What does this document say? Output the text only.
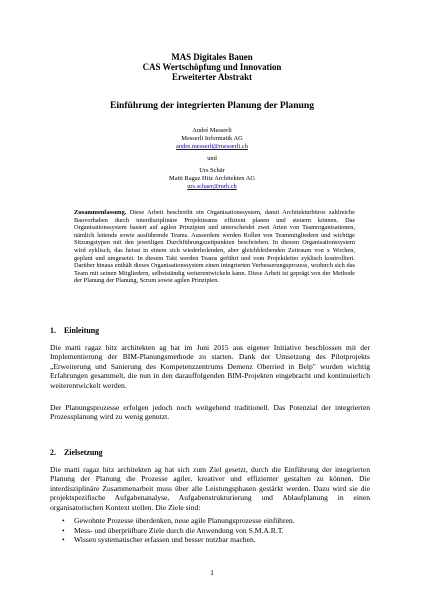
MAS Digitales Bauen
CAS Wertschöpfung und Innovation
Erweiterter Abstrakt
Einführung der integrierten Planung der Planung
André Messerli
Messerli Informatik AG
andre.messerli@messerli.ch
und
Urs Schär
Matti Ragaz Hitz Architekten AG
urs.schaer@mrh.ch
Zusammenfassung. Diese Arbeit beschreibt ein Organisationssystem, damit Architekturbüros zahlreiche Bauvorhaben durch interdisziplinäre Projektteams effizient planen und steuern können. Das Organisationssystem basiert auf agilen Prinzipien und unterscheidet zwei Arten von Teamorganisationen, nämlich leitende sowie ausführende Teams. Ausserdem werden Rollen von Teammitgliedern und wichtige Sitzungstypen mit den jeweiligen Durchführungszeitpunkten beschrieben. In diesem Organisationssystem wird zyklisch, das heisst in einem sich wiederholenden, aber gleichbleibenden Zeitraum von x Wochen, geplant und umgesetzt. In diesem Takt werden Teams geführt und vom Projektleiter zyklisch kontrolliert. Darüber hinaus enthält dieses Organisationssystem einen integrierten Verbesserungsprozess, wodurch sich das Team mit seinen Mitgliedern, selbstständig weiterentwickeln kann. Diese Arbeit ist geprägt von der Methode der Planung der Planung, Scrum sowie agilen Prinzipien.
1. Einleitung
Die matti ragaz hitz architekten ag hat im Juni 2015 aus eigener Initiative beschlossen mit der Implementierung der BIM-Planungsmethode zu starten. Dank der Umsetzung des Pilotprojekts „Erweiterung und Sanierung des Kompetenzzentrums Demenz Oberried in Belp" wurden wichtig Erfahrungen gesammelt, die nun in den darauffolgenden BIM-Projekten eingebracht und kontinuierlich weiterentwickelt werden.
Der Planungsprozesse erfolgen jedoch noch weitgehend traditionell. Das Potenzial der integrierten Prozessplanung wird zu wenig genutzt.
2. Zielsetzung
Die matti ragaz hitz architekten ag hat sich zum Ziel gesetzt, durch die Einführung der integrierten Planung der Planung die Prozesse agiler, kreativer und effizienter gestalten zu können. Die interdisziplinäre Zusammenarbeit muss über alle Leistungsphasen gestärkt werden. Dazu wird sie die projektspezifische Aufgabenanalyse, Aufgabenstrukturierung und Ablaufplanung in einen organisatorischen Kontext stellen. Die Ziele sind:
• Gewohnte Prozesse überdenken, neue agile Planungsprozesse einführen.
• Mess- und überprüfbare Ziele durch die Anwendung von S.M.A.R.T.
• Wissen systematischer erfassen und besser nutzbar machen.
1
